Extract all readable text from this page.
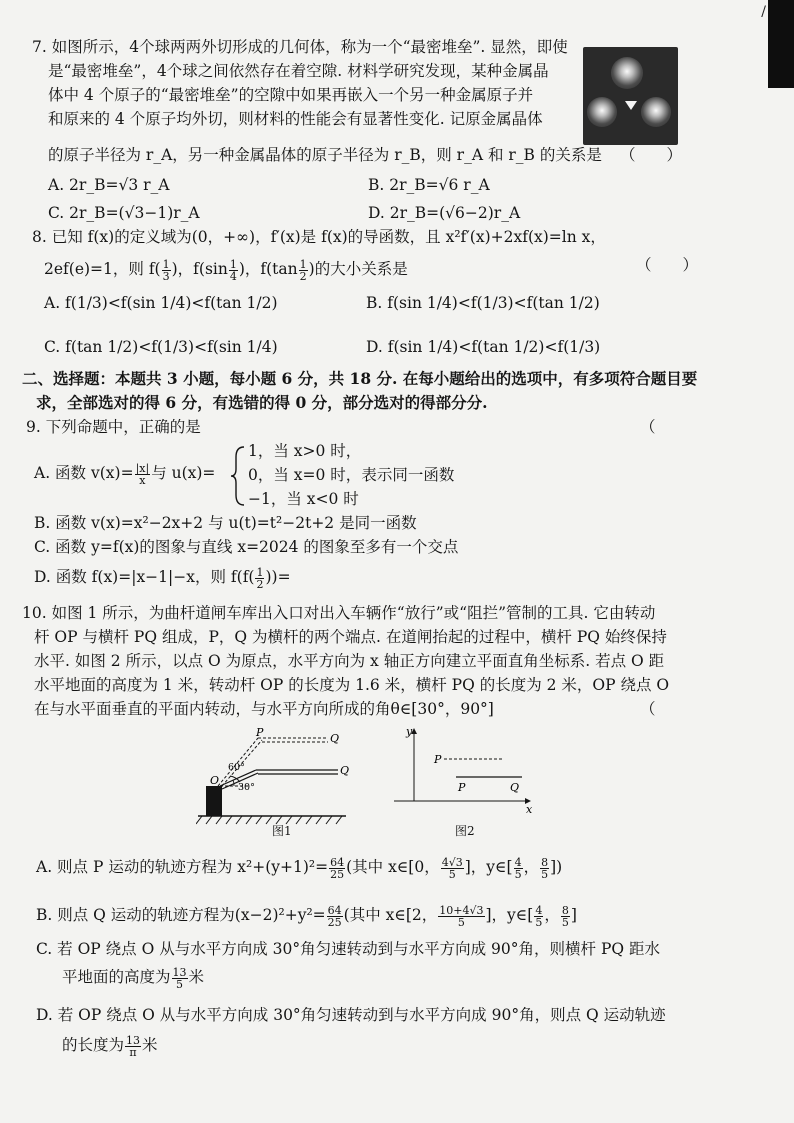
/
7. 如图所示，4个球两两外切形成的几何体，称为一个“最密堆垒”. 显然，即使
是“最密堆垒”，4个球之间依然存在着空隙. 材料学研究发现，某种金属晶
体中 4 个原子的“最密堆垒”的空隙中如果再嵌入一个另一种金属原子并
和原来的 4 个原子均外切，则材料的性能会有显著性变化. 记原金属晶体
的原子半径为 r_A，另一种金属晶体的原子半径为 r_B，则 r_A 和 r_B 的关系是 （　　）
A. 2r_B=√3 r_A	B. 2r_B=√6 r_A
C. 2r_B=(√3−1)r_A	D. 2r_B=(√6−2)r_A
8. 已知 f(x)的定义域为(0，+∞)，f′(x)是 f(x)的导函数，且 x²f′(x)+2xf(x)=ln x，
2ef(e)=1，则 $f( \frac{1}{3}$ )，$f(\sin \frac{1}{4}$ )，$f(\tan \frac{1}{2}$ )的大小关系是	（　　）
A. f(1/3)<f(sin 1/4)<f(tan 1/2)	B. f(sin 1/4)<f(1/3)<f(tan 1/2)
C. f(tan 1/2)<f(1/3)<f(sin 1/4)	D. f(sin 1/4)<f(tan 1/2)<f(1/3)
二、选择题：本题共 3 小题，每小题 6 分，共 18 分. 在每小题给出的选项中，有多项符合题目要
求，全部选对的得 6 分，有选错的得 0 分，部分选对的得部分分.
9. 下列命题中，正确的是	（
A. 函数 $v(x)= \frac{|x|}{x}$ 与 u(x)=
1，当 x>0 时，
0，当 x=0 时，表示同一函数
−1，当 x<0 时
B. 函数 v(x)=x²−2x+2 与 u(t)=t²−2t+2 是同一函数
C. 函数 y=f(x)的图象与直线 x=2024 的图象至多有一个交点
D. 函数 f(x)=|x−1|−x，则 $f(f( \frac{1}{2}$ ))=
10. 如图 1 所示，为曲杆道闸车库出入口对出入车辆作“放行”或“阻拦”管制的工具. 它由转动
杆 OP 与横杆 PQ 组成，P，Q 为横杆的两个端点. 在道闸抬起的过程中，横杆 PQ 始终保持
水平. 如图 2 所示，以点 O 为原点，水平方向为 x 轴正方向建立平面直角坐标系. 若点 O 距
水平地面的高度为 1 米，转动杆 OP 的长度为 1.6 米，横杆 PQ 的长度为 2 米，OP 绕点 O
在与水平面垂直的平面内转动，与水平方向所成的角θ∈[30°，90°]	（
P	Q
Q
O
60°
30°
图1
y
x
P
P	Q
图2
A. 则点 P 运动的轨迹方程为 $x^2+(y+1)^2= \frac{64}{25}$ (其中 x∈[0， $\frac{4√3}{5}$ ]，y∈[ $\frac{4}{5}$ ， $\frac{8}{5}$ ])
B. 则点 Q 运动的轨迹方程为$(x-2)^2+y^2= \frac{64}{25}$ (其中 x∈[2， $\frac{10+4√3}{5}$ ]，y∈[ $\frac{4}{5}$ ， $\frac{8}{5}$ ]
C. 若 OP 绕点 O 从与水平方向成 30°角匀速转动到与水平方向成 90°角，则横杆 PQ 距水
平地面的高度为 $\frac{13}{5}$ 米
D. 若 OP 绕点 O 从与水平方向成 30°角匀速转动到与水平方向成 90°角，则点 Q 运动轨迹
的长度为 $\frac{13}{\pi}$ 米
